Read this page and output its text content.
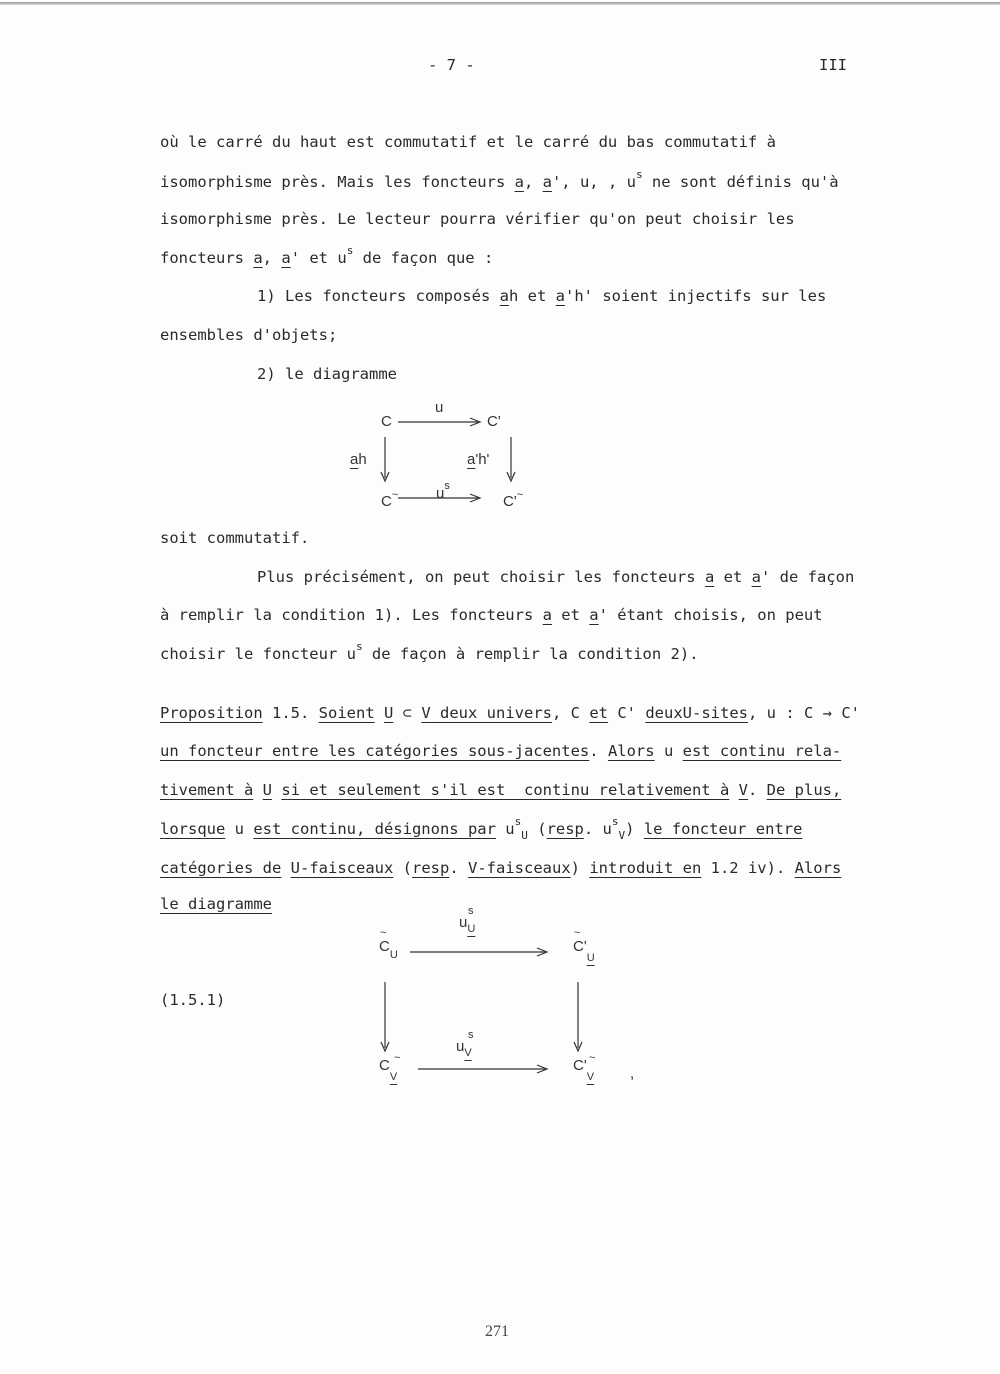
- 7 -	III
où le carré du haut est commutatif et le carré du bas commutatif à
isomorphisme près. Mais les foncteurs a, a', u, , $u^s$ ne sont définis qu'à
isomorphisme près. Le lecteur pourra vérifier qu'on peut choisir les
foncteurs a, a' et $u^s$ de façon que :
1) Les foncteurs composés ah et a'h' soient injectifs sur les
ensembles d'objets;
2) le diagramme
C
u
C'
ah	a'h'
C~	$u^s$
C'~
soit commutatif.
Plus précisément, on peut choisir les foncteurs a et a' de façon
à remplir la condition 1). Les foncteurs a et a' étant choisis, on peut
choisir le foncteur $u^s$ de façon à remplir la condition 2).
Proposition 1.5. Soient U ⊂ V deux univers, C et C' deuxU-sites, u : C → C'
un foncteur entre les catégories sous-jacentes. Alors u est continu rela-
tivement à U si et seulement s'il est  continu relativement à V. De plus,
lorsque u est continu, désignons par $u^s_U$ (resp. $u^s_V$) le foncteur entre
catégories de U-faisceaux (resp. V-faisceaux) introduit en 1.2 iv). Alors
le diagramme
(1.5.1)
~
$C_U$
u
s
$_U$	~
$C'_U$
C ~
$_V$
u
s
$_V$
C' ~
$_V$ ,
271
